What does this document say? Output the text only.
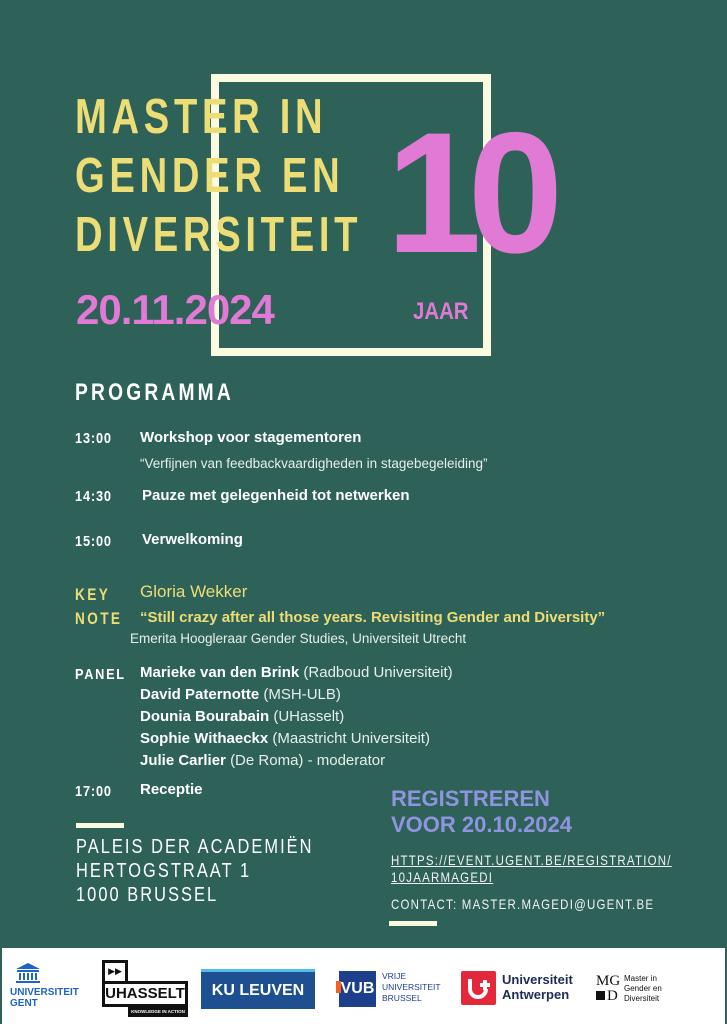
MASTER IN
GENDER EN
DIVERSITEIT 10
JAAR
20.11.2024
PROGRAMMA
13:00 Workshop voor stagementoren
“Verfijnen van feedbackvaardigheden in stagebegeleiding”
14:30 Pauze met gelegenheid tot netwerken
15:00 Verwelkoming
KEY
NOTE
Gloria Wekker
“Still crazy after all those years. Revisiting Gender and Diversity”
Emerita Hoogleraar Gender Studies, Universiteit Utrecht
PANEL Marieke van den Brink (Radboud Universiteit)
David Paternotte (MSH-ULB)
Dounia Bourabain (UHasselt)
Sophie Withaeckx (Maastricht Universiteit)
Julie Carlier (De Roma) - moderator
17:00 Receptie
PALEIS DER ACADEMIËN
HERTOGSTRAAT 1
1000 BRUSSEL
REGISTREREN
VOOR 20.10.2024
HTTPS://EVENT.UGENT.BE/REGISTRATION/
10JAARMAGEDI
CONTACT: MASTER.MAGEDI@UGENT.BE
UNIVERSITEIT
GENT
▶▶
UHASSELT
KNOWLEDGE IN ACTION
KU LEUVEN	VUB
VRIJE
UNIVERSITEIT
BRUSSEL
Universiteit
Antwerpen
MG
D
Master in
Gender en
Diversiteit
